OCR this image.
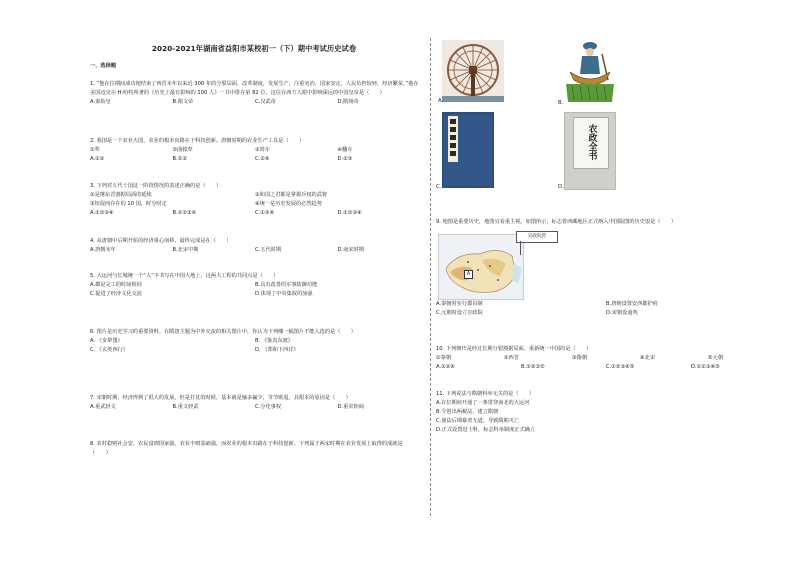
2020-2021年湖南省益阳市某校初一（下）期中考试历史试卷
一、选择题

1. “他在位期间成功地结束了西晋末年以来近 300 年的分裂局面，改革制度，发展生产，注重吏治，国家安定，人民负担较轻，经济繁荣。”他在美国迈克尔·H·哈特所著的《历史上最有影响的 100 人》一书中排在第 82 位。这位在西方人眼中影响深远的中国皇帝是（　　）

A.秦始皇	B.隋文帝	C.汉武帝	D.隋炀帝

2. 我国是一个农业大国，农业的根本出路在于科技创新。唐朝时期的农业生产工具是（　　）

①犁	②曲辕犁	③筒车	④翻车
A.①②	B.①③	C.②④	D.②③

3. 下列对五代十国这一阶段情况的表述正确的是（　　）

①是继东晋割据局面的延续	②和国之君都是掌握兵权的武将
③短促而存在的 10 国，时分时定	④统一是历史发展的必然趋势
A.①②③④	B.①②③④	C.①③④	D.①②③④

4. 从唐朝中后期开始的经济重心南移，最终完成是在（　　）

A.唐朝末年	B.北宋中期	C.五代时期	D.南宋时期

5. 大运河与长城统一个“人”字书写在中国大地上，这两大工程的共同点是（　　）

A.都是完工的时间相同	B.具有改善的军事防御功能
C.促进了经济文化交流	D.体现了中央集权的加强

6. 图片是历史学习的重要资料。在隋唐主题为中外交流的相关图片中，你认为下列哪一幅图片不能入选的是（　　）

A. 《步辇图》	B. 《鉴真东渡》
C. 《玄奘西行》	D. 《郑和下西洋》

7. 宋朝时期，经济得到了很大的发展，但是打仗的时候，基本就是输多赢少，节节败退，其根本的原因是（　　）

A.重武轻文	B.重文轻武	C.分化事权	D.重农抑商

8. 农村稳则社会安，农民富则国家强，农业丰则基础强，而农业的根本出路在于科技创新。下列属于两宋时期在农业发展上取得的成就是（　　）

A.	B.
C.
农政全书
D.

9. 地图是重要历史，地图宜看重主视。如图所示，标志着西藏地区正式纳入中国版图的历史很是（　　）

宣政院管
A
A.秦朝时实行郡县制	B.唐朝设置安西都护府
C.元朝时设立宣政院	D.宋朝设通判

10. 下列朝代是经过长期分裂割据局面，重新统一中国的是（　　）

①秦朝	②西晋	③隋朝	④北宋	⑤元朝
A.①②④	B.①②③⑤	C.①②③④⑤	D.①②③④⑤

11. 下列说法与隋朝科举无关的是（　　）

A.在位期间开通了一条贯穿南北的大运河
B.令创出两税法，建立隋朝
C.使法后期暴虐无道，导致隋朝灭亡
D.正式设置进士科，标志科举制度正式确立
